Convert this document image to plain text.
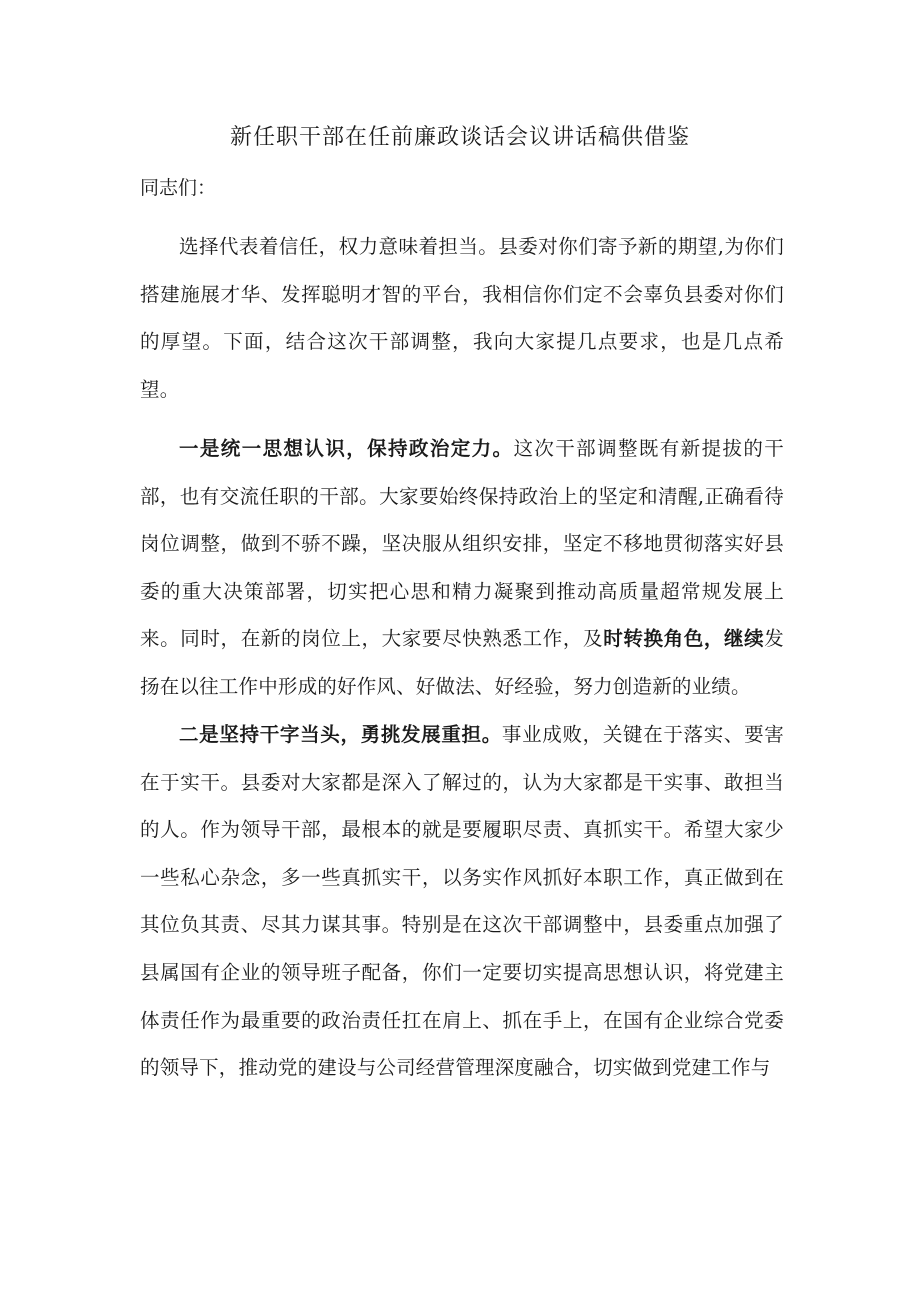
新任职干部在任前廉政谈话会议讲话稿供借鉴

同志们：

选择代表着信任，权力意味着担当。县委对你们寄予新的期望,为你们搭建施展才华、发挥聪明才智的平台，我相信你们定不会辜负县委对你们的厚望。下面，结合这次干部调整，我向大家提几点要求，也是几点希望。

一是统一思想认识，保持政治定力。这次干部调整既有新提拔的干部，也有交流任职的干部。大家要始终保持政治上的坚定和清醒,正确看待岗位调整，做到不骄不躁，坚决服从组织安排，坚定不移地贯彻落实好县委的重大决策部署，切实把心思和精力凝聚到推动高质量超常规发展上来。同时，在新的岗位上，大家要尽快熟悉工作，及时转换角色，继续发扬在以往工作中形成的好作风、好做法、好经验，努力创造新的业绩。

二是坚持干字当头，勇挑发展重担。事业成败，关键在于落实、要害在于实干。县委对大家都是深入了解过的，认为大家都是干实事、敢担当的人。作为领导干部，最根本的就是要履职尽责、真抓实干。希望大家少一些私心杂念，多一些真抓实干，以务实作风抓好本职工作，真正做到在其位负其责、尽其力谋其事。特别是在这次干部调整中，县委重点加强了县属国有企业的领导班子配备，你们一定要切实提高思想认识，将党建主体责任作为最重要的政治责任扛在肩上、抓在手上，在国有企业综合党委的领导下，推动党的建设与公司经营管理深度融合，切实做到党建工作与
